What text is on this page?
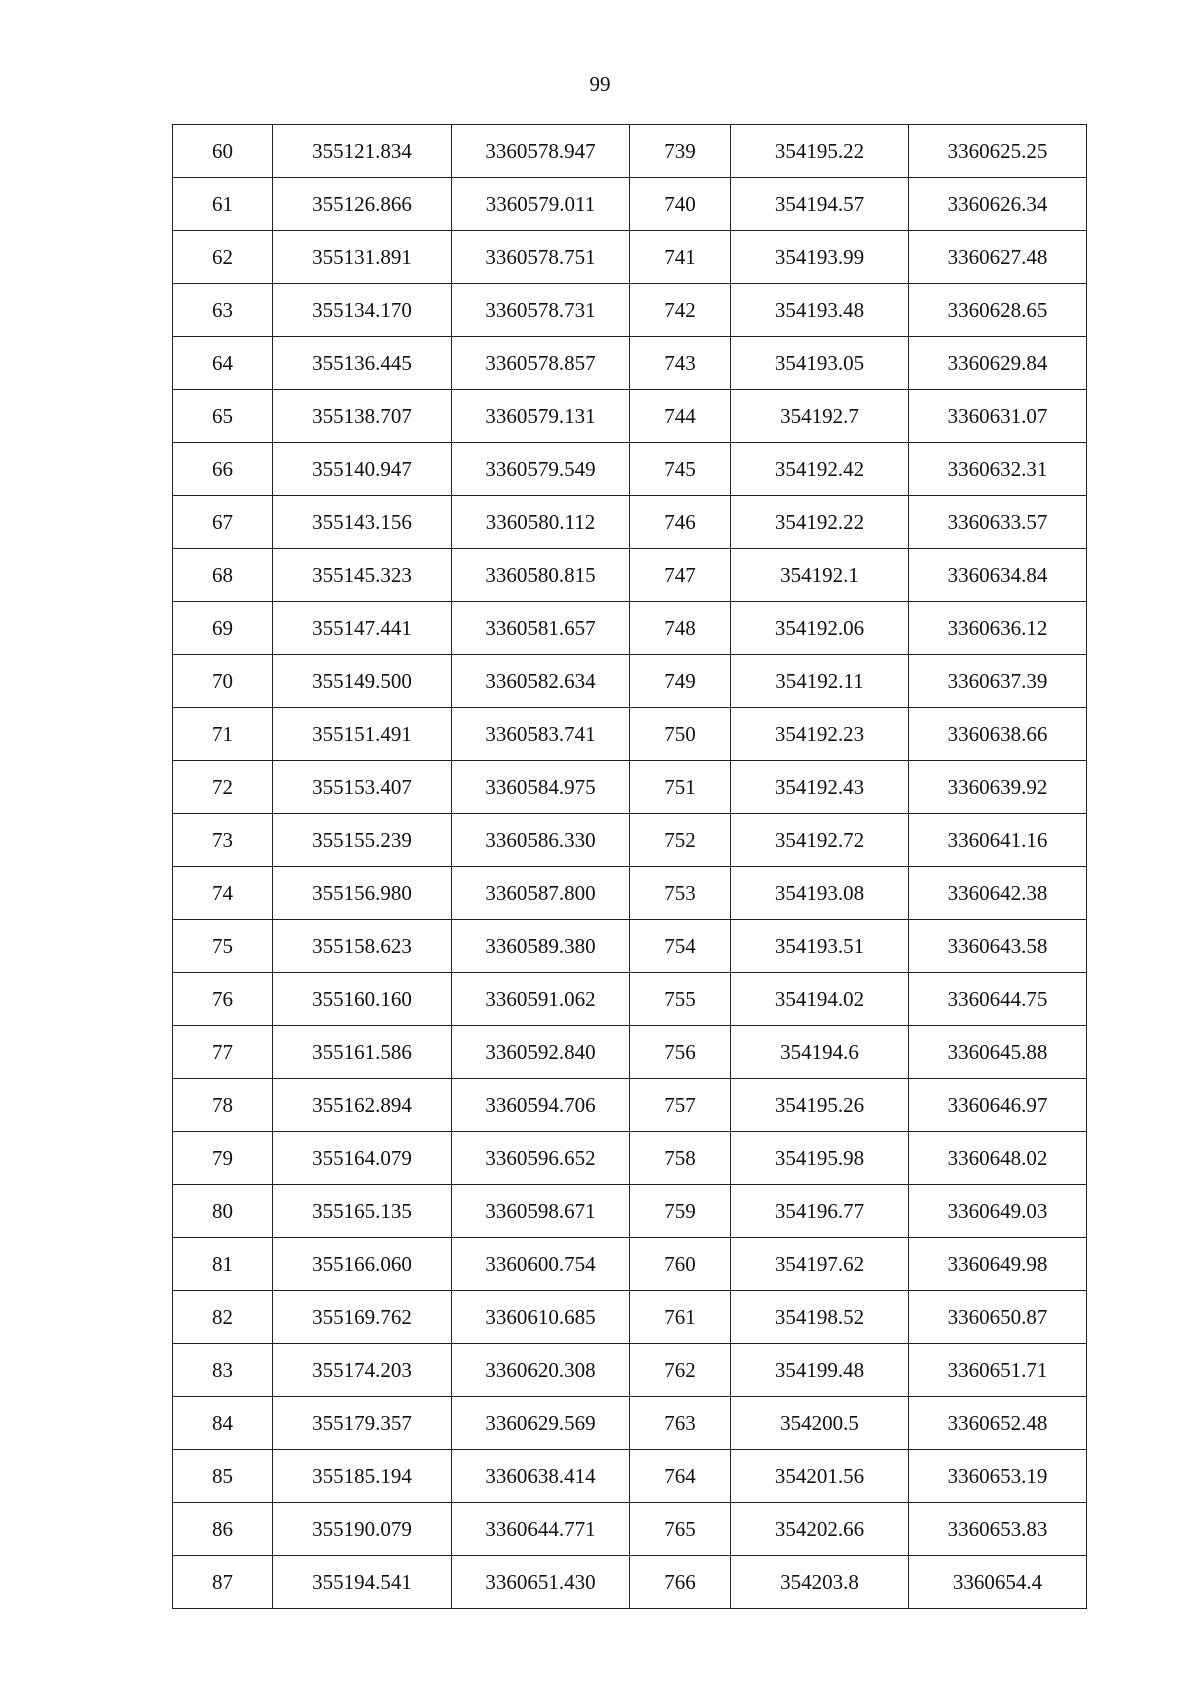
99
60	355121.834	3360578.947	739	354195.22	3360625.25
61	355126.866	3360579.011	740	354194.57	3360626.34
62	355131.891	3360578.751	741	354193.99	3360627.48
63	355134.170	3360578.731	742	354193.48	3360628.65
64	355136.445	3360578.857	743	354193.05	3360629.84
65	355138.707	3360579.131	744	354192.7	3360631.07
66	355140.947	3360579.549	745	354192.42	3360632.31
67	355143.156	3360580.112	746	354192.22	3360633.57
68	355145.323	3360580.815	747	354192.1	3360634.84
69	355147.441	3360581.657	748	354192.06	3360636.12
70	355149.500	3360582.634	749	354192.11	3360637.39
71	355151.491	3360583.741	750	354192.23	3360638.66
72	355153.407	3360584.975	751	354192.43	3360639.92
73	355155.239	3360586.330	752	354192.72	3360641.16
74	355156.980	3360587.800	753	354193.08	3360642.38
75	355158.623	3360589.380	754	354193.51	3360643.58
76	355160.160	3360591.062	755	354194.02	3360644.75
77	355161.586	3360592.840	756	354194.6	3360645.88
78	355162.894	3360594.706	757	354195.26	3360646.97
79	355164.079	3360596.652	758	354195.98	3360648.02
80	355165.135	3360598.671	759	354196.77	3360649.03
81	355166.060	3360600.754	760	354197.62	3360649.98
82	355169.762	3360610.685	761	354198.52	3360650.87
83	355174.203	3360620.308	762	354199.48	3360651.71
84	355179.357	3360629.569	763	354200.5	3360652.48
85	355185.194	3360638.414	764	354201.56	3360653.19
86	355190.079	3360644.771	765	354202.66	3360653.83
87	355194.541	3360651.430	766	354203.8	3360654.4
